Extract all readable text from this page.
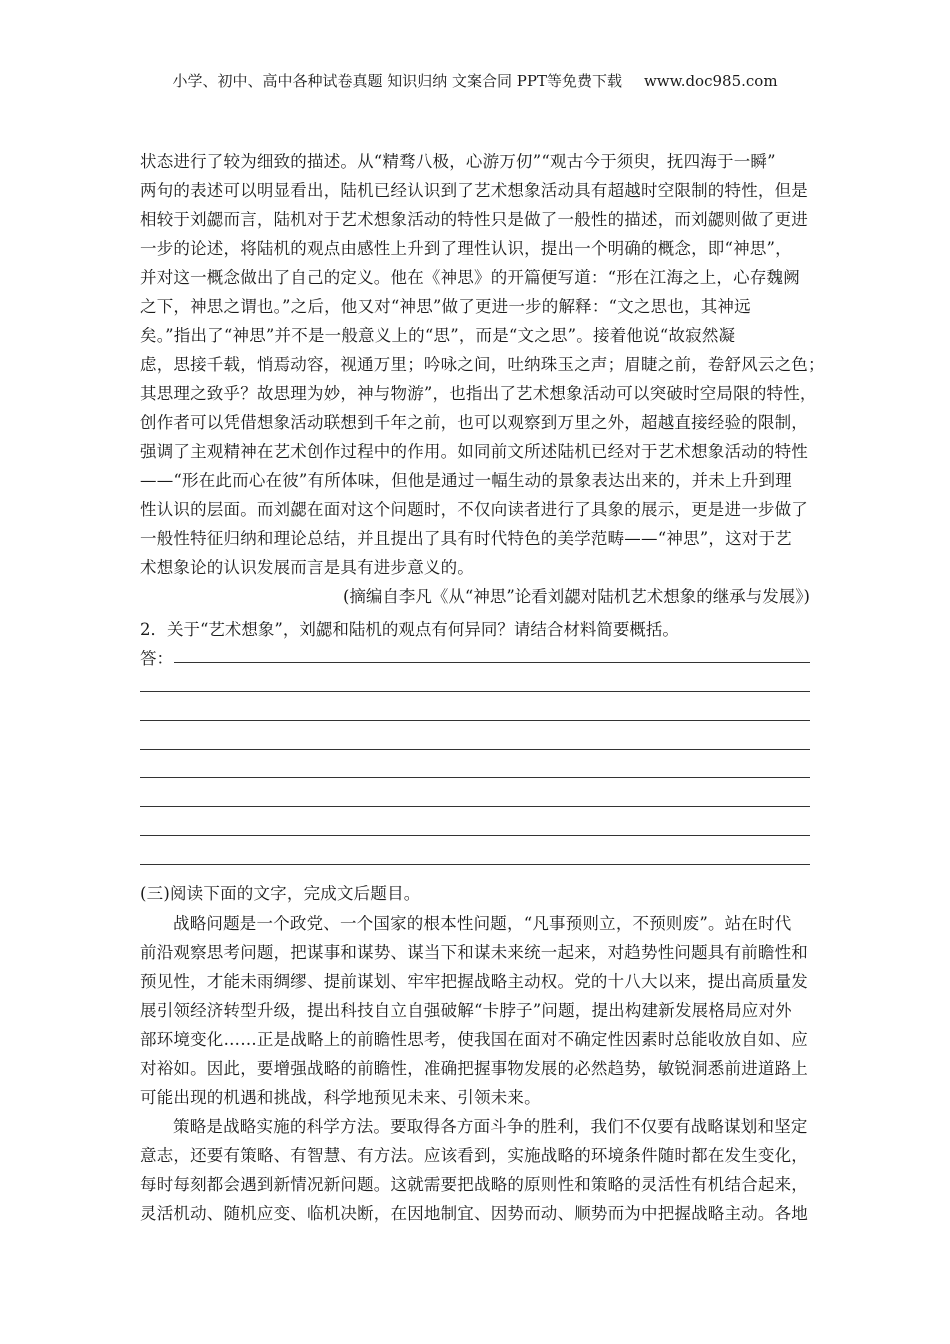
小学、初中、高中各种试卷真题 知识归纳 文案合同 PPT等免费下载 www.doc985.com
状态进行了较为细致的描述。从“精骛八极，心游万仞”“观古今于须臾，抚四海于一瞬”
两句的表述可以明显看出，陆机已经认识到了艺术想象活动具有超越时空限制的特性，但是
相较于刘勰而言，陆机对于艺术想象活动的特性只是做了一般性的描述，而刘勰则做了更进
一步的论述，将陆机的观点由感性上升到了理性认识，提出一个明确的概念，即“神思”，
并对这一概念做出了自己的定义。他在《神思》的开篇便写道：“形在江海之上，心存魏阙
之下，神思之谓也。”之后，他又对“神思”做了更进一步的解释：“文之思也，其神远
矣。”指出了“神思”并不是一般意义上的“思”，而是“文之思”。接着他说“故寂然凝
虑，思接千载，悄焉动容，视通万里；吟咏之间，吐纳珠玉之声；眉睫之前，卷舒风云之色；
其思理之致乎？故思理为妙，神与物游”，也指出了艺术想象活动可以突破时空局限的特性，
创作者可以凭借想象活动联想到千年之前，也可以观察到万里之外，超越直接经验的限制，
强调了主观精神在艺术创作过程中的作用。如同前文所述陆机已经对于艺术想象活动的特性
——“形在此而心在彼”有所体味，但他是通过一幅生动的景象表达出来的，并未上升到理
性认识的层面。而刘勰在面对这个问题时，不仅向读者进行了具象的展示，更是进一步做了
一般性特征归纳和理论总结，并且提出了具有时代特色的美学范畴——“神思”，这对于艺
术想象论的认识发展而言是具有进步意义的。
(摘编自李凡《从“神思”论看刘勰对陆机艺术想象的继承与发展》)
2．关于“艺术想象”，刘勰和陆机的观点有何异同？请结合材料简要概括。
答：
(三)阅读下面的文字，完成文后题目。
战略问题是一个政党、一个国家的根本性问题，“凡事预则立，不预则废”。站在时代
前沿观察思考问题，把谋事和谋势、谋当下和谋未来统一起来，对趋势性问题具有前瞻性和
预见性，才能未雨绸缪、提前谋划、牢牢把握战略主动权。党的十八大以来，提出高质量发
展引领经济转型升级，提出科技自立自强破解“卡脖子”问题，提出构建新发展格局应对外
部环境变化……正是战略上的前瞻性思考，使我国在面对不确定性因素时总能收放自如、应
对裕如。因此，要增强战略的前瞻性，准确把握事物发展的必然趋势，敏锐洞悉前进道路上
可能出现的机遇和挑战，科学地预见未来、引领未来。
策略是战略实施的科学方法。要取得各方面斗争的胜利，我们不仅要有战略谋划和坚定
意志，还要有策略、有智慧、有方法。应该看到，实施战略的环境条件随时都在发生变化，
每时每刻都会遇到新情况新问题。这就需要把战略的原则性和策略的灵活性有机结合起来，
灵活机动、随机应变、临机决断，在因地制宜、因势而动、顺势而为中把握战略主动。各地
